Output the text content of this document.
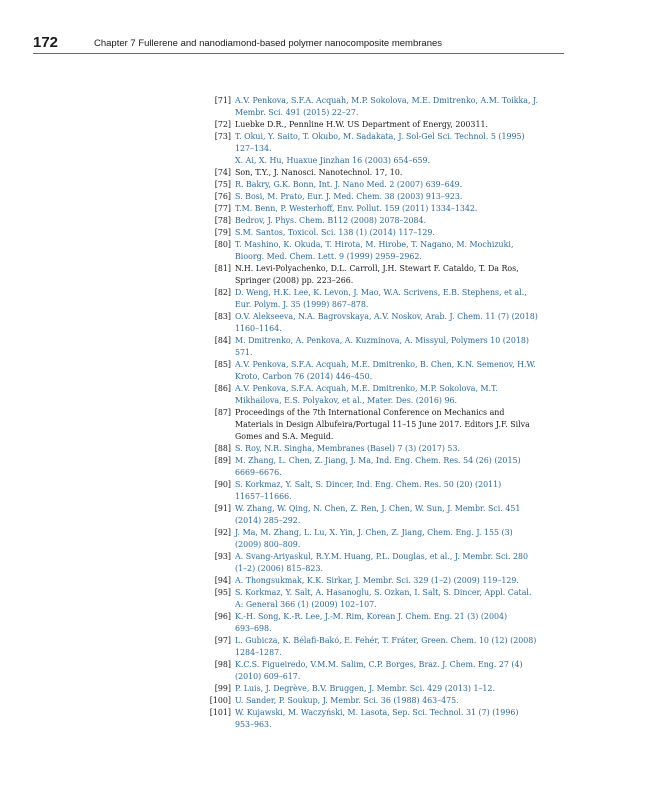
172	Chapter 7 Fullerene and nanodiamond-based polymer nanocomposite membranes
[71] A.V. Penkova, S.F.A. Acquah, M.P. Sokolova, M.E. Dmitrenko, A.M. Toikka, J.
Membr. Sci. 491 (2015) 22–27.
[72] Luebke D.R., Pennline H.W. US Department of Energy, 200311.
[73] T. Okui, Y. Saito, T. Okubo, M. Sadakata, J. Sol-Gel Sci. Technol. 5 (1995)
127–134.
X. Ai, X. Hu, Huaxue Jinzhan 16 (2003) 654–659.
[74] Son, T.Y., J. Nanosci. Nanotechnol. 17, 10.
[75] R. Bakry, G.K. Bonn, Int. J. Nano Med. 2 (2007) 639–649.
[76] S. Bosi, M. Prato, Eur. J. Med. Chem. 38 (2003) 913–923.
[77] T.M. Benn, P. Westerhoff, Env. Pollut. 159 (2011) 1334–1342.
[78] Bedrov, J. Phys. Chem. B112 (2008) 2078–2084.
[79] S.M. Santos, Toxicol. Sci. 138 (1) (2014) 117–129.
[80] T. Mashino, K. Okuda, T. Hirota, M. Hirobe, T. Nagano, M. Mochizuki,
Bioorg. Med. Chem. Lett. 9 (1999) 2959–2962.
[81] N.H. Levi-Polyachenko, D.L. Carroll, J.H. Stewart F. Cataldo, T. Da Ros,
Springer (2008) pp. 223–266.
[82] D. Weng, H.K. Lee, K. Levon, J. Mao, W.A. Scrivens, E.B. Stephens, et al.,
Eur. Polym. J. 35 (1999) 867–878.
[83] O.V. Alekseeva, N.A. Bagrovskaya, A.V. Noskov, Arab. J. Chem. 11 (7) (2018)
1160–1164.
[84] M. Dmitrenko, A. Penkova, A. Kuzminova, A. Missyul, Polymers 10 (2018)
571.
[85] A.V. Penkova, S.F.A. Acquah, M.E. Dmitrenko, B. Chen, K.N. Semenov, H.W.
Kroto, Carbon 76 (2014) 446–450.
[86] A.V. Penkova, S.F.A. Acquah, M.E. Dmitrenko, M.P. Sokolova, M.T.
Mikhailova, E.S. Polyakov, et al., Mater. Des. (2016) 96.
[87] Proceedings of the 7th International Conference on Mechanics and
Materials in Design Albufeira/Portugal 11–15 June 2017. Editors J.F. Silva
Gomes and S.A. Meguid.
[88] S. Roy, N.R. Singha, Membranes (Basel) 7 (3) (2017) 53.
[89] M. Zhang, L. Chen, Z. Jiang, J. Ma, Ind. Eng. Chem. Res. 54 (26) (2015)
6669–6676.
[90] S. Korkmaz, Y. Salt, S. Dincer, Ind. Eng. Chem. Res. 50 (20) (2011)
11657–11666.
[91] W. Zhang, W. Qing, N. Chen, Z. Ren, J. Chen, W. Sun, J. Membr. Sci. 451
(2014) 285–292.
[92] J. Ma, M. Zhang, L. Lu, X. Yin, J. Chen, Z. Jiang, Chem. Eng. J. 155 (3)
(2009) 800–809.
[93] A. Svang-Ariyaskul, R.Y.M. Huang, P.L. Douglas, et al., J. Membr. Sci. 280
(1–2) (2006) 815–823.
[94] A. Thongsukmak, K.K. Sirkar, J. Membr. Sci. 329 (1–2) (2009) 119–129.
[95] S. Korkmaz, Y. Salt, A. Hasanoglu, S. Ozkan, I. Salt, S. Dincer, Appl. Catal.
A: General 366 (1) (2009) 102–107.
[96] K.-H. Song, K.-R. Lee, J.-M. Rim, Korean J. Chem. Eng. 21 (3) (2004)
693–698.
[97] L. Gubicza, K. Bélafi-Bakó, E. Fehér, T. Fráter, Green. Chem. 10 (12) (2008)
1284–1287.
[98] K.C.S. Figueiredo, V.M.M. Salim, C.P. Borges, Braz. J. Chem. Eng. 27 (4)
(2010) 609–617.
[99] P. Luis, J. Degrève, B.V. Bruggen, J. Membr. Sci. 429 (2013) 1–12.
[100] U. Sander, P. Soukup, J. Membr. Sci. 36 (1988) 463–475.
[101] W. Kujawski, M. Waczyński, M. Lasota, Sep. Sci. Technol. 31 (7) (1996)
953–963.
